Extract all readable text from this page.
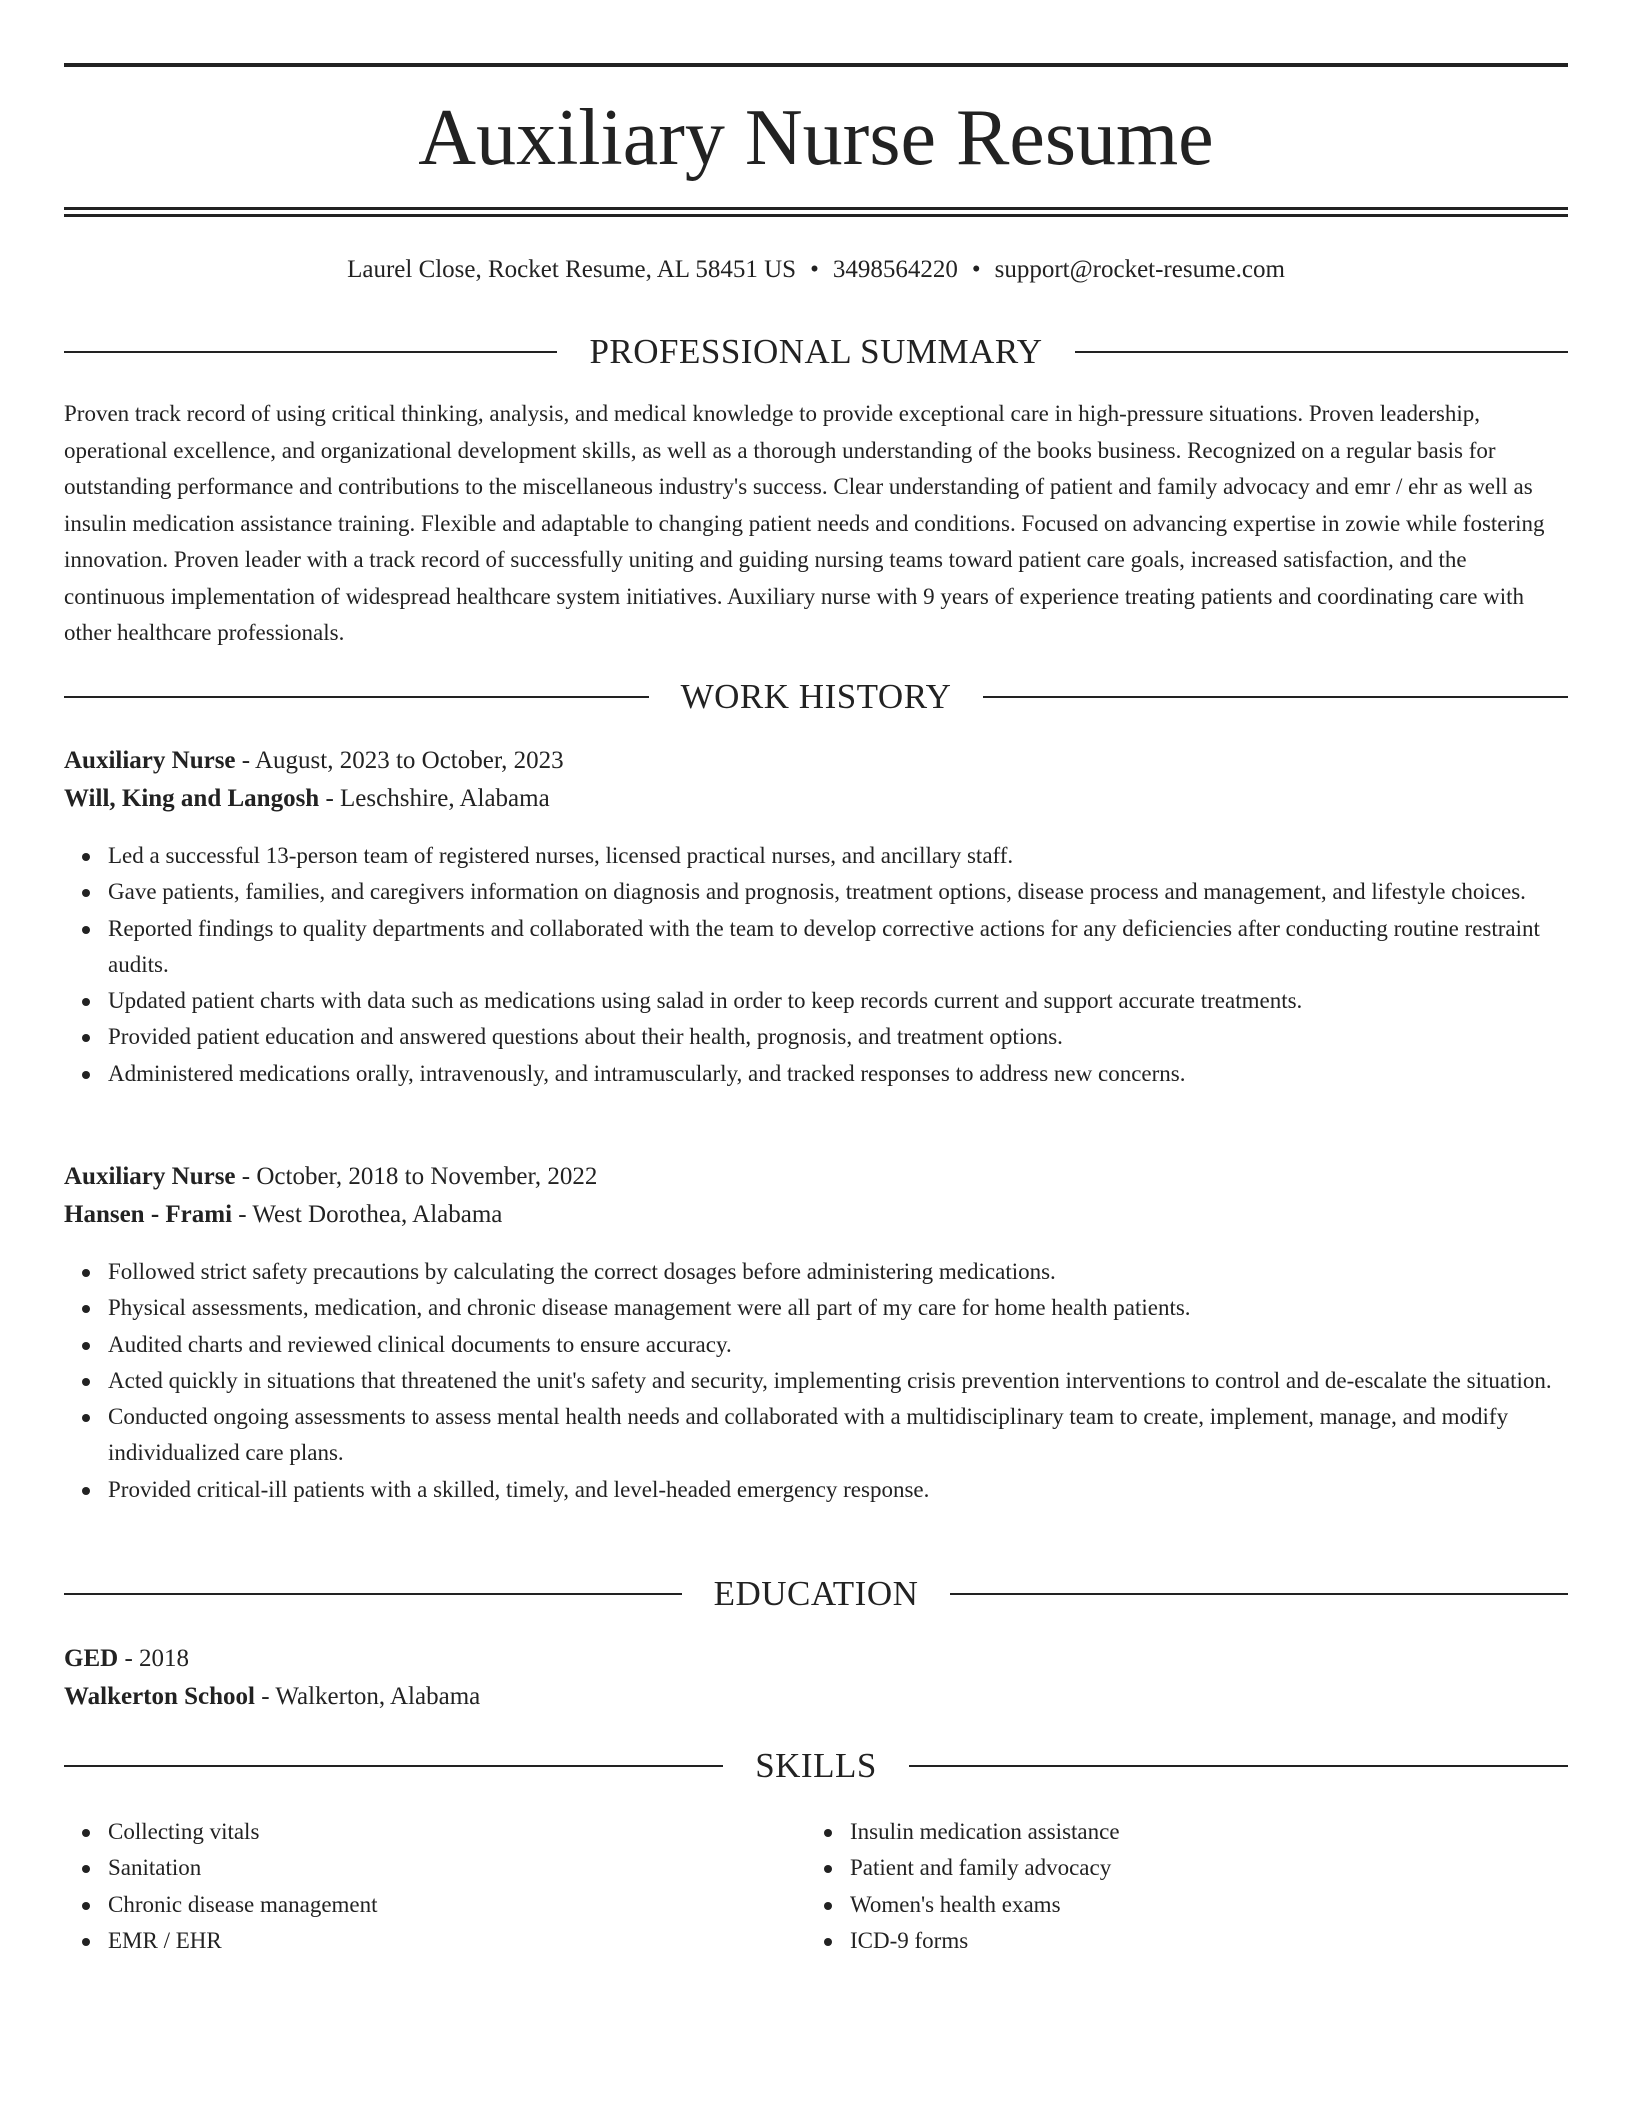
Auxiliary Nurse Resume
Laurel Close, Rocket Resume, AL 58451 US • 3498564220 • support@rocket-resume.com
PROFESSIONAL SUMMARY

Proven track record of using critical thinking, analysis, and medical knowledge to provide exceptional care in high-pressure situations. Proven leadership, operational excellence, and organizational development skills, as well as a thorough understanding of the books business. Recognized on a regular basis for outstanding performance and contributions to the miscellaneous industry's success. Clear understanding of patient and family advocacy and emr / ehr as well as insulin medication assistance training. Flexible and adaptable to changing patient needs and conditions. Focused on advancing expertise in zowie while fostering innovation. Proven leader with a track record of successfully uniting and guiding nursing teams toward patient care goals, increased satisfaction, and the continuous implementation of widespread healthcare system initiatives. Auxiliary nurse with 9 years of experience treating patients and coordinating care with other healthcare professionals.

WORK HISTORY
Auxiliary Nurse - August, 2023 to October, 2023
Will, King and Langosh - Leschshire, Alabama
Led a successful 13-person team of registered nurses, licensed practical nurses, and ancillary staff.
Gave patients, families, and caregivers information on diagnosis and prognosis, treatment options, disease process and management, and lifestyle choices.
Reported findings to quality departments and collaborated with the team to develop corrective actions for any deficiencies after conducting routine restraint audits.
Updated patient charts with data such as medications using salad in order to keep records current and support accurate treatments.
Provided patient education and answered questions about their health, prognosis, and treatment options.
Administered medications orally, intravenously, and intramuscularly, and tracked responses to address new concerns.
Auxiliary Nurse - October, 2018 to November, 2022
Hansen - Frami - West Dorothea, Alabama
Followed strict safety precautions by calculating the correct dosages before administering medications.
Physical assessments, medication, and chronic disease management were all part of my care for home health patients.
Audited charts and reviewed clinical documents to ensure accuracy.
Acted quickly in situations that threatened the unit's safety and security, implementing crisis prevention interventions to control and de-escalate the situation.
Conducted ongoing assessments to assess mental health needs and collaborated with a multidisciplinary team to create, implement, manage, and modify individualized care plans.
Provided critical-ill patients with a skilled, timely, and level-headed emergency response.
EDUCATION
GED - 2018
Walkerton School - Walkerton, Alabama
SKILLS
Collecting vitals
Sanitation
Chronic disease management
EMR / EHR
Insulin medication assistance
Patient and family advocacy
Women's health exams
ICD-9 forms
